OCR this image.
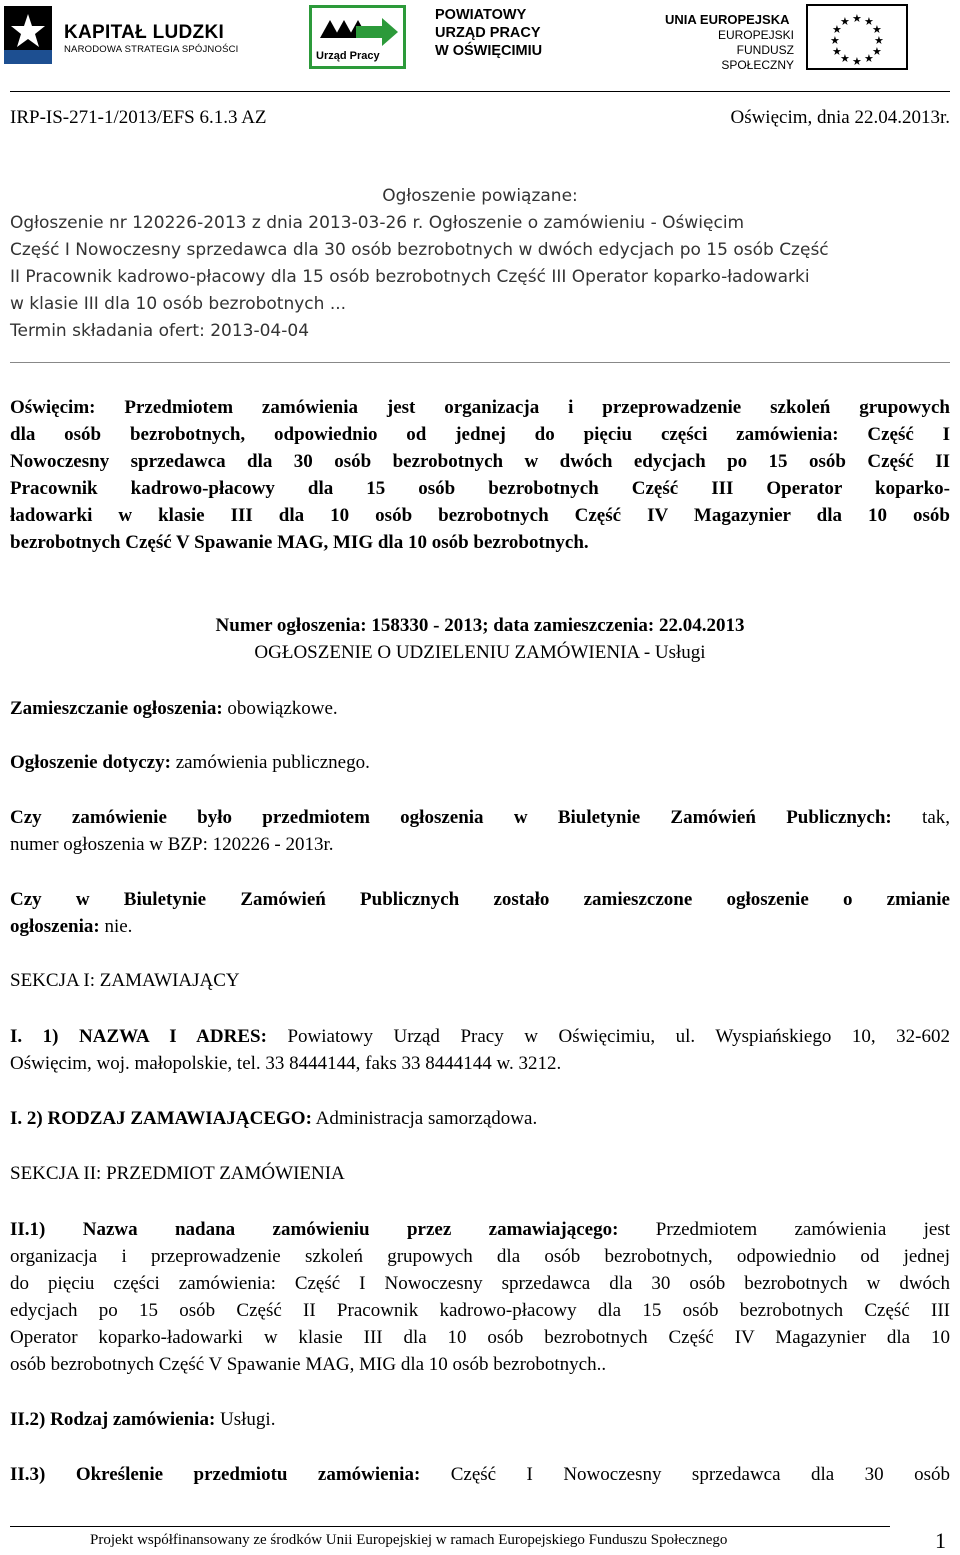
KAPITAŁ LUDZKI
NARODOWA STRATEGIA SPÓJNOŚCI
Urząd Pracy
POWIATOWY
URZĄD PRACY
W OŚWIĘCIMIU
UNIA EUROPEJSKA
EUROPEJSKI
FUNDUSZ SPOŁECZNY
★ ★
★
★
★
★
★
★
★
★
★
★
IRP-IS-271-1/2013/EFS 6.1.3 AZ	Oświęcim, dnia 22.04.2013r.
Ogłoszenie powiązane:
Ogłoszenie nr 120226-2013 z dnia 2013-03-26 r. Ogłoszenie o zamówieniu - Oświęcim
Część I Nowoczesny sprzedawca dla 30 osób bezrobotnych w dwóch edycjach po 15 osób Część
II Pracownik kadrowo-płacowy dla 15 osób bezrobotnych Część III Operator koparko-ładowarki
w klasie III dla 10 osób bezrobotnych ...
Termin składania ofert: 2013-04-04
Oświęcim: Przedmiotem zamówienia jest organizacja i przeprowadzenie szkoleń grupowych
dla osób bezrobotnych, odpowiednio od jednej do pięciu części zamówienia: Część I
Nowoczesny sprzedawca dla 30 osób bezrobotnych w dwóch edycjach po 15 osób Część II
Pracownik kadrowo-płacowy dla 15 osób bezrobotnych Część III Operator koparko-
ładowarki w klasie III dla 10 osób bezrobotnych Część IV Magazynier dla 10 osób
bezrobotnych Część V Spawanie MAG, MIG dla 10 osób bezrobotnych.
Numer ogłoszenia: 158330 - 2013; data zamieszczenia: 22.04.2013
OGŁOSZENIE O UDZIELENIU ZAMÓWIENIA - Usługi
Zamieszczanie ogłoszenia: obowiązkowe.
Ogłoszenie dotyczy: zamówienia publicznego.
Czy zamówienie było przedmiotem ogłoszenia w Biuletynie Zamówień Publicznych: tak,
numer ogłoszenia w BZP: 120226 - 2013r.
Czy w Biuletynie Zamówień Publicznych zostało zamieszczone ogłoszenie o zmianie
ogłoszenia: nie.
SEKCJA I: ZAMAWIAJĄCY
I. 1) NAZWA I ADRES: Powiatowy Urząd Pracy w Oświęcimiu, ul. Wyspiańskiego 10, 32-602
Oświęcim, woj. małopolskie, tel. 33 8444144, faks 33 8444144 w. 3212.
I. 2) RODZAJ ZAMAWIAJĄCEGO: Administracja samorządowa.
SEKCJA II: PRZEDMIOT ZAMÓWIENIA
II.1) Nazwa nadana zamówieniu przez zamawiającego: Przedmiotem zamówienia jest
organizacja i przeprowadzenie szkoleń grupowych dla osób bezrobotnych, odpowiednio od jednej
do pięciu części zamówienia: Część I Nowoczesny sprzedawca dla 30 osób bezrobotnych w dwóch
edycjach po 15 osób Część II Pracownik kadrowo-płacowy dla 15 osób bezrobotnych Część III
Operator koparko-ładowarki w klasie III dla 10 osób bezrobotnych Część IV Magazynier dla 10
osób bezrobotnych Część V Spawanie MAG, MIG dla 10 osób bezrobotnych..
II.2) Rodzaj zamówienia: Usługi.
II.3) Określenie przedmiotu zamówienia: Część I Nowoczesny sprzedawca dla 30 osób
Projekt współfinansowany ze środków Unii Europejskiej w ramach Europejskiego Funduszu Społecznego	1
